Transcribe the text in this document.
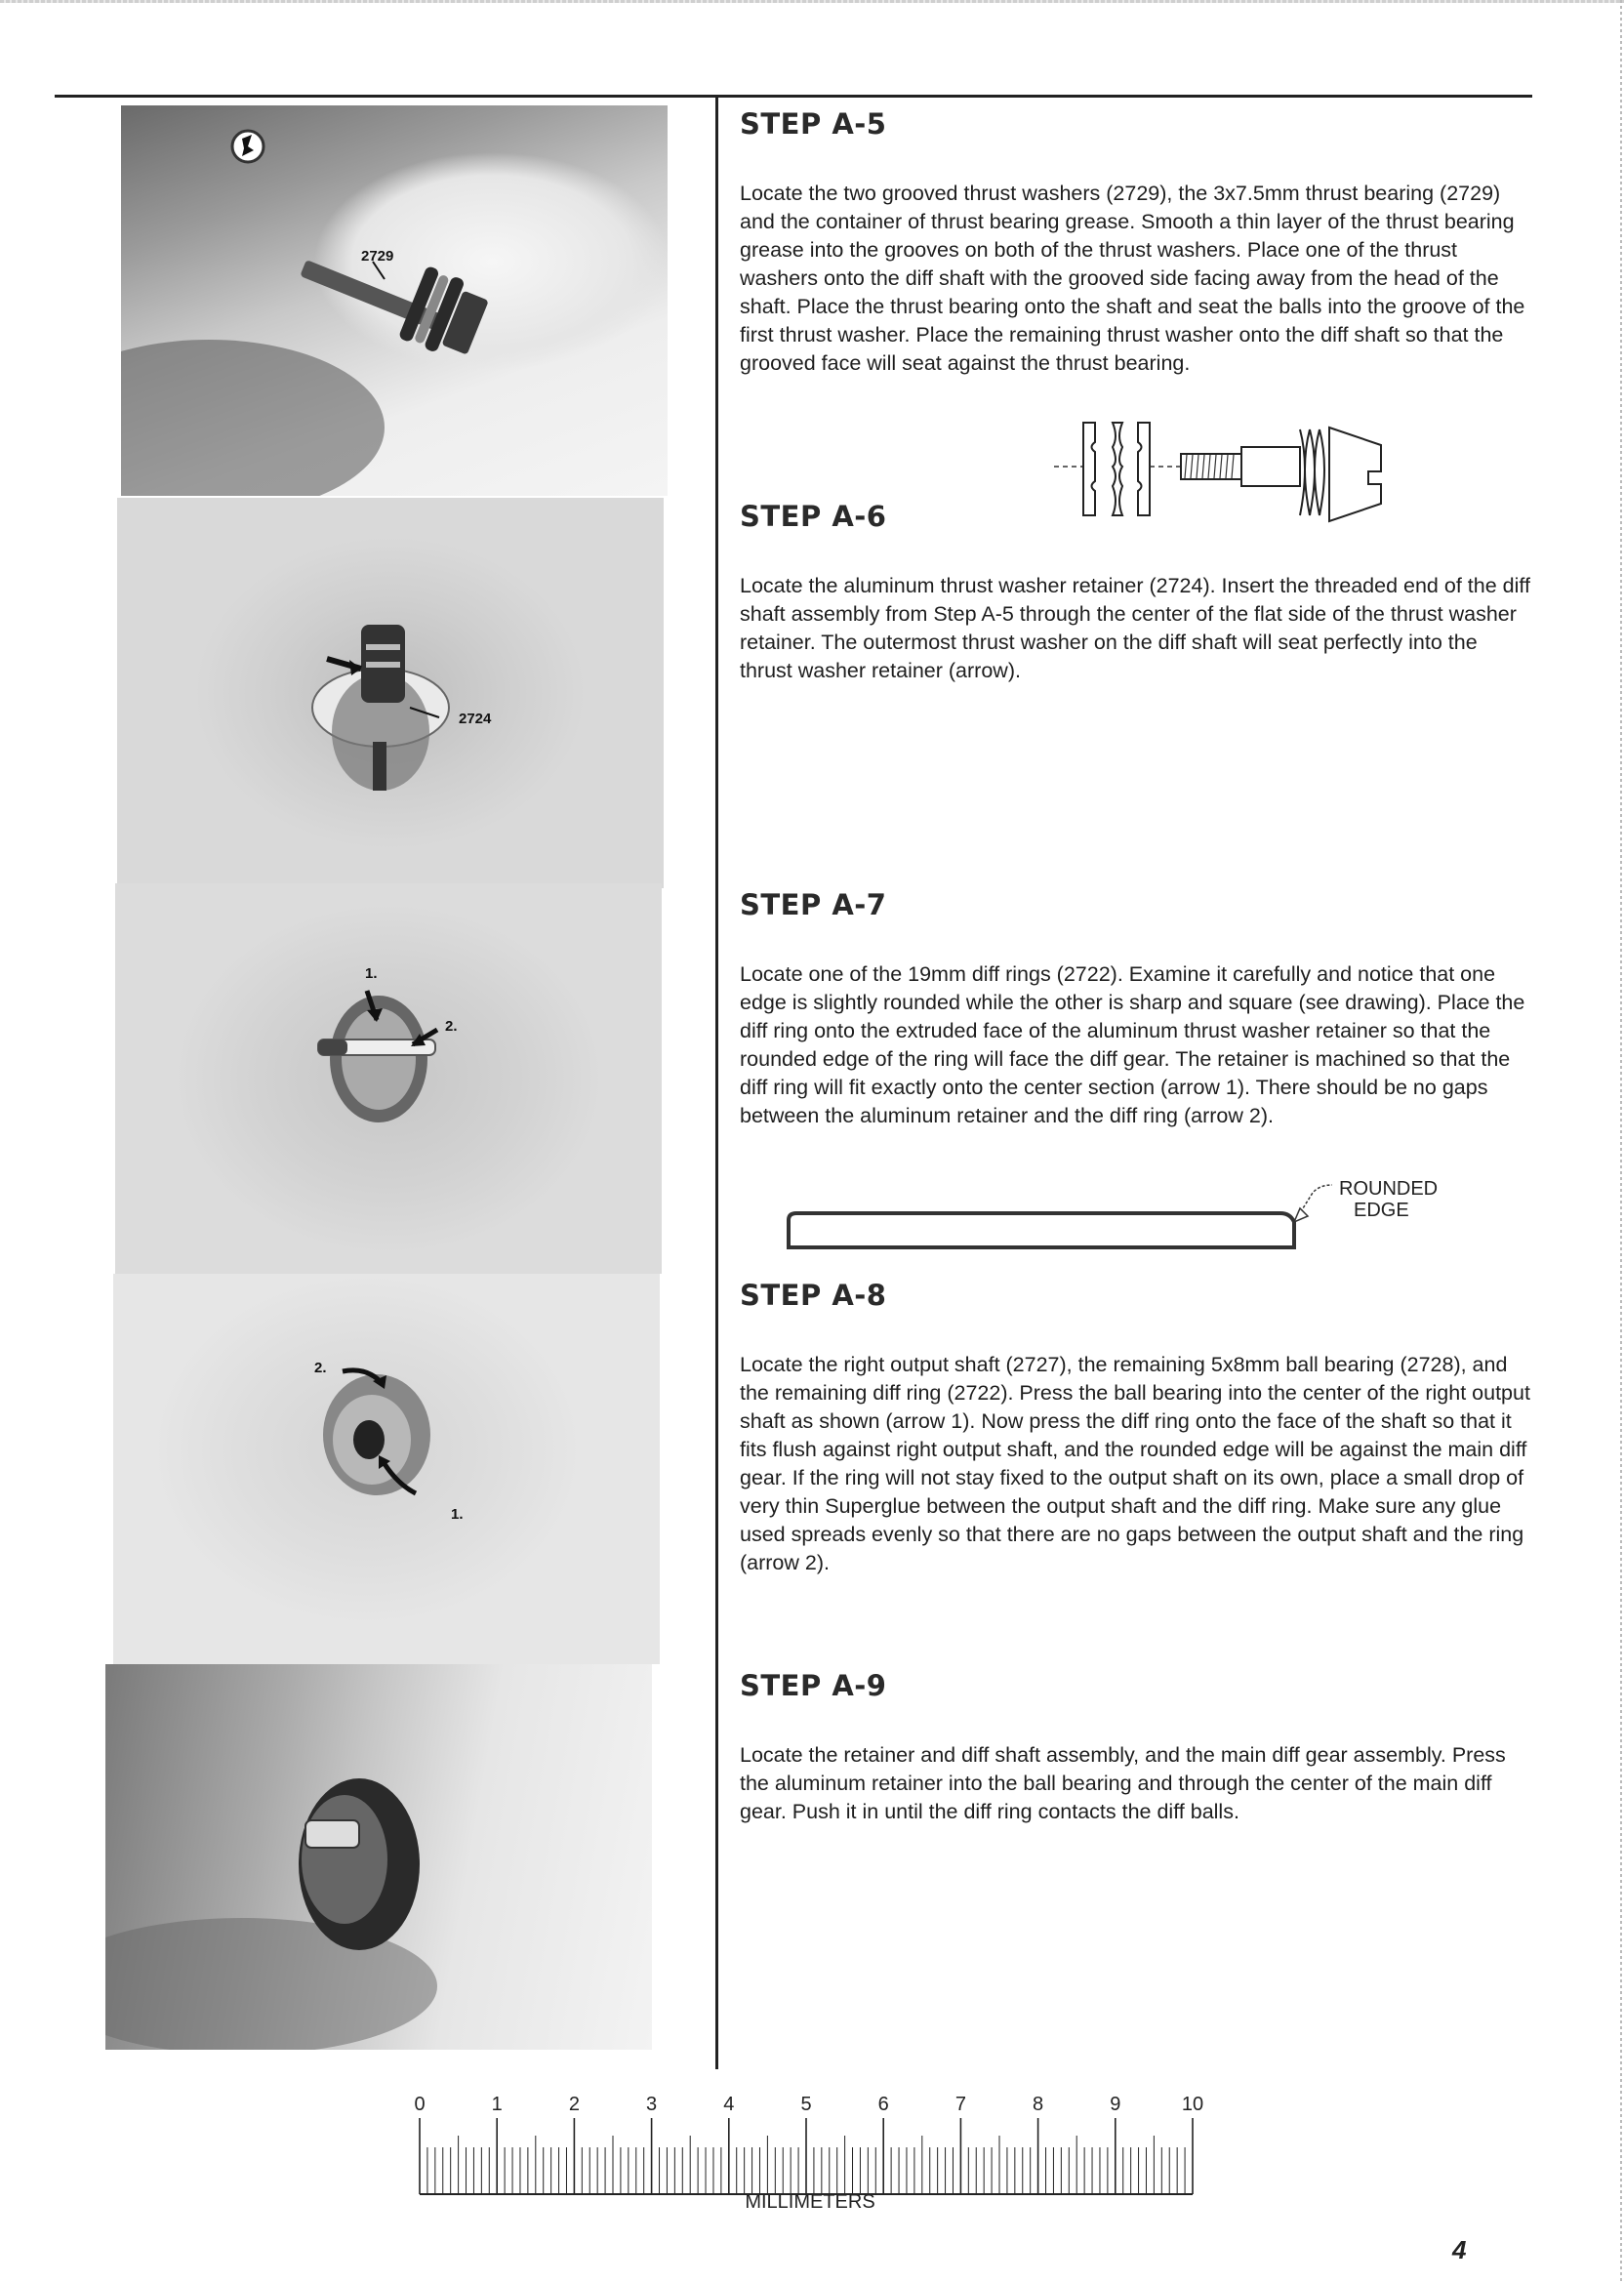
2729
2724
1.
2.
2.
1.
STEP A-5

Locate the two grooved thrust washers (2729), the 3x7.5mm thrust bearing (2729) and the container of thrust bearing grease. Smooth a thin layer of the thrust bearing grease into the grooves on both of the thrust washers. Place one of the thrust washers onto the diff shaft with the grooved side facing away from the head of the shaft. Place the thrust bearing onto the shaft and seat the balls into the groove of the first thrust washer. Place the remaining thrust washer onto the diff shaft so that the grooved face will seat against the thrust bearing.

STEP A-6

Locate the aluminum thrust washer retainer (2724). Insert the threaded end of the diff shaft assembly from Step A-5 through the center of the flat side of the thrust washer retainer. The outermost thrust washer on the diff shaft will seat perfectly into the thrust washer retainer (arrow).

STEP A-7

Locate one of the 19mm diff rings (2722). Examine it carefully and notice that one edge is slightly rounded while the other is sharp and square (see drawing). Place the diff ring onto the extruded face of the aluminum thrust washer retainer so that the rounded edge of the ring will face the diff gear. The retainer is machined so that the diff ring will fit exactly onto the center section (arrow 1). There should be no gaps between the aluminum retainer and the diff ring (arrow 2).

ROUNDED
EDGE
STEP A-8

Locate the right output shaft (2727), the remaining 5x8mm ball bearing (2728), and the remaining diff ring (2722). Press the ball bearing into the center of the right output shaft as shown (arrow 1). Now press the diff ring onto the face of the shaft so that it fits flush against right output shaft, and the rounded edge will be against the main diff gear. If the ring will not stay fixed to the output shaft on its own, place a small drop of very thin Superglue between the output shaft and the diff ring. Make sure any glue used spreads evenly so that there are no gaps between the output shaft and the ring (arrow 2).

STEP A-9

Locate the retainer and diff shaft assembly, and the main diff gear assembly. Press the aluminum retainer into the ball bearing and through the center of the main diff gear. Push it in until the diff ring contacts the diff balls.

0	1	2	3	4	5	6	7	8	9	10
MILLIMETERS
4
